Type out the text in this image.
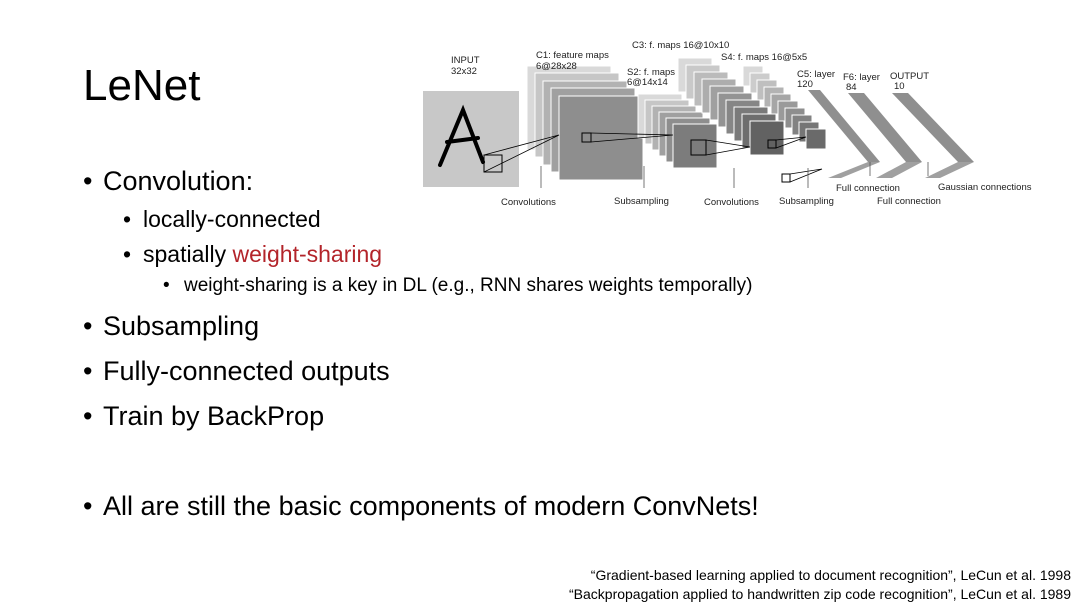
LeNet
INPUT
32x32
C1: feature maps
6@28x28
C3: f. maps 16@10x10
S2: f. maps
6@14x14
S4: f. maps 16@5x5
C5: layer
120
F6: layer
84
OUTPUT
10
Convolutions	Subsampling	Convolutions Subsampling
Full connection
Full connection
Gaussian connections
• Convolution:
• locally-connected
• spatially weight-sharing
• weight-sharing is a key in DL (e.g., RNN shares weights temporally)
• Subsampling
• Fully-connected outputs
• Train by BackProp
• All are still the basic components of modern ConvNets!
“Gradient-based learning applied to document recognition”, LeCun et al. 1998
“Backpropagation applied to handwritten zip code recognition”, LeCun et al. 1989
